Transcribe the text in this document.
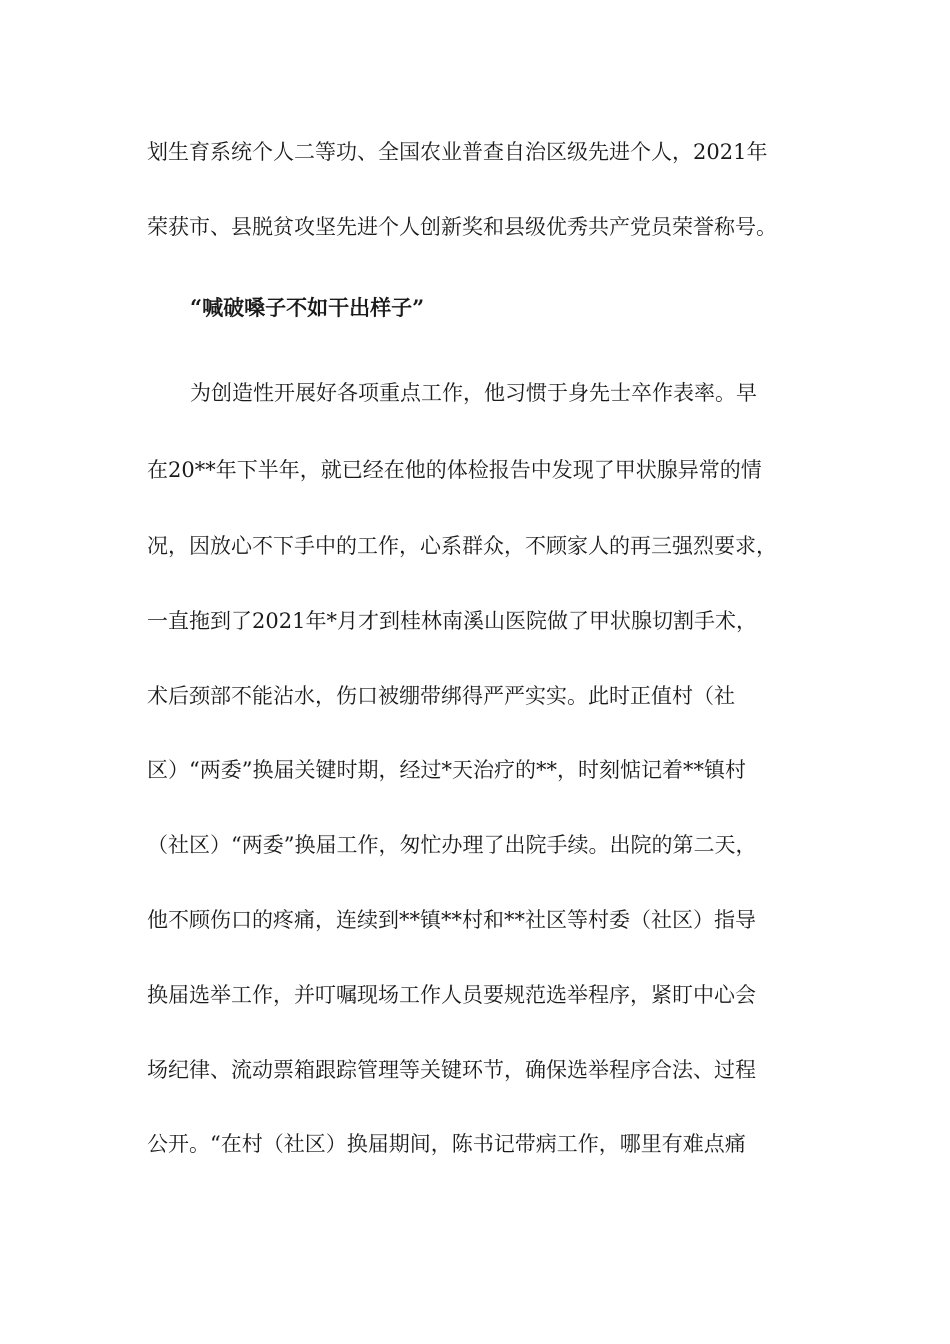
划生育系统个人二等功、全国农业普查自治区级先进个人，2021年
荣获市、县脱贫攻坚先进个人创新奖和县级优秀共产党员荣誉称号。
“喊破嗓子不如干出样子”
为创造性开展好各项重点工作，他习惯于身先士卒作表率。早
在20**年下半年，就已经在他的体检报告中发现了甲状腺异常的情
况，因放心不下手中的工作，心系群众，不顾家人的再三强烈要求，
一直拖到了2021年*月才到桂林南溪山医院做了甲状腺切割手术，
术后颈部不能沾水，伤口被绷带绑得严严实实。此时正值村（社
区）“两委”换届关键时期，经过*天治疗的**，时刻惦记着**镇村
（社区）“两委”换届工作，匆忙办理了出院手续。出院的第二天，
他不顾伤口的疼痛，连续到**镇**村和**社区等村委（社区）指导
换届选举工作，并叮嘱现场工作人员要规范选举程序，紧盯中心会
场纪律、流动票箱跟踪管理等关键环节，确保选举程序合法、过程
公开。“在村（社区）换届期间，陈书记带病工作，哪里有难点痛
